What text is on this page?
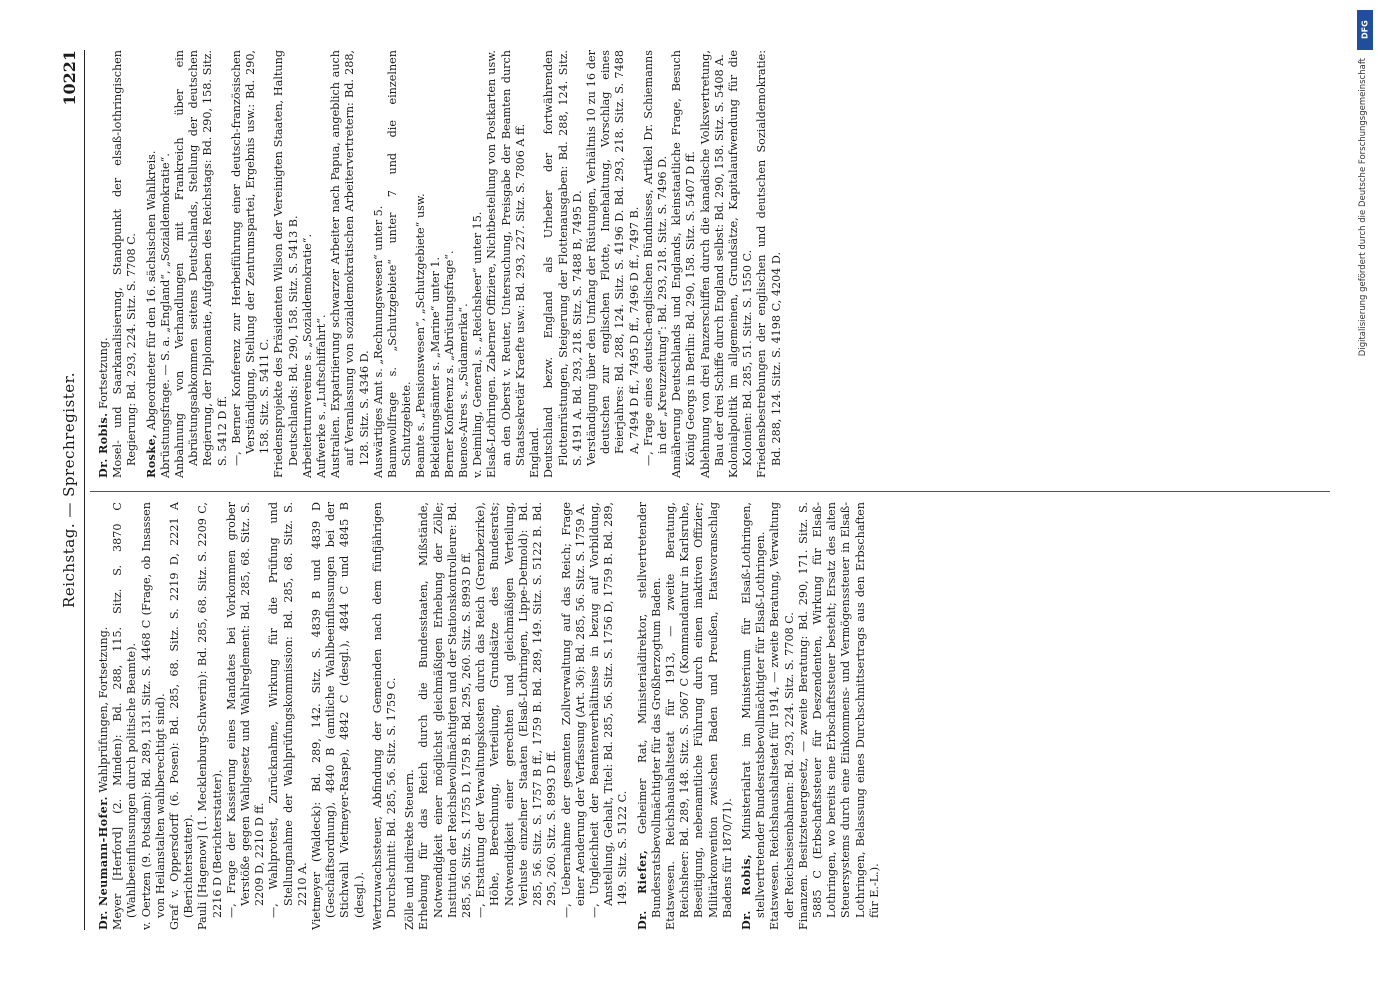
Reichstag. — Sprechregister.
10221

Dr. Neumann-Hofer. Wahlprüfungen, Fortsetzung. Meyer [Herford] (2. Minden): Bd. 288, 115. Sitz. S. 3870 C (Wahlbeeinflussungen durch politische Beamte). v. Oertzen (9. Potsdam): Bd. 289, 131. Sitz. S. 4468 C (Frage, ob Insassen von Heilanstalten wahlberechtigt sind). Graf v. Oppersdorff (6. Posen): Bd. 285, 68. Sitz. S. 2219 D, 2221 A (Berichterstatter). Pauli [Hagenow] (1. Mecklenburg-Schwerin): Bd. 285, 68. Sitz. S. 2209 C, 2216 D (Berichterstatter). —, Frage der Kassierung eines Mandates bei Vorkommen grober Verstöße gegen Wahlgesetz und Wahlreglement: Bd. 285, 68. Sitz. S. 2209 D, 2210 D ff. —, Wahlprotest, Zurücknahme, Wirkung für die Prüfung und Stellungnahme der Wahlprüfungskommission: Bd. 285, 68. Sitz. S. 2210 A. Vietmeyer (Waldeck): Bd. 289, 142. Sitz. S. 4839 B und 4839 D (Geschäftsordnung), 4840 B (amtliche Wahlbeeinflussungen bei der Stichwahl Vietmeyer-Raspe), 4842 C (desgl.), 4844 C und 4845 B (desgl.). Wertzuwachssteuer, Abfindung der Gemeinden nach dem fünfjährigen Durchschnitt: Bd. 285, 56. Sitz. S. 1759 C. Zölle und indirekte Steuern. Erhebung für das Reich durch die Bundesstaaten, Mißstände, Notwendigkeit einer möglichst gleichmäßigen Erhebung der Zölle; Institution der Reichsbevollmächtigten und der Stationskontrolleure: Bd. 285, 56. Sitz. S. 1755 D, 1759 B. Bd. 295, 260. Sitz. S. 8993 D ff. —, Erstattung der Verwaltungskosten durch das Reich (Grenzbezirke), Höhe, Berechnung, Verteilung, Grundsätze des Bundesrats; Notwendigkeit einer gerechten und gleichmäßigen Verteilung, Verluste einzelner Staaten (Elsaß-Lothringen, Lippe-Detmold): Bd. 285, 56. Sitz. S. 1757 B ff., 1759 B. Bd. 289, 149. Sitz. S. 5122 B. Bd. 295, 260. Sitz. S. 8993 D ff. —, Uebernahme der gesamten Zollverwaltung auf das Reich; Frage einer Aenderung der Verfassung (Art. 36): Bd. 285, 56. Sitz. S. 1759 A. —, Ungleichheit der Beamtenverhältnisse in bezug auf Vorbildung, Anstellung, Gehalt, Titel: Bd. 285, 56. Sitz. S. 1756 D, 1759 B. Bd. 289, 149. Sitz. S. 5122 C. Dr. Riefer, Geheimer Rat, Ministerialdirektor, stellvertretender Bundesratsbevollmächtigter für das Großherzogtum Baden. Etatswesen. Reichshaushaltsetat für 1913, — zweite Beratung, Reichsheer: Bd. 289, 148. Sitz. S. 5067 C (Kommandantur in Karlsruhe, Beseitigung, nebenamtliche Führung durch einen inaktiven Offizier; Militärkonvention zwischen Baden und Preußen, Etatsvoranschlag Badens für 1870/71). Dr. Robis, Ministerialrat im Ministerium für Elsaß-Lothringen, stellvertretender Bundesratsbevollmächtigter für Elsaß-Lothringen. Etatswesen. Reichshaushaltsetat für 1914, — zweite Beratung, Verwaltung der Reichseisenbahnen: Bd. 293, 224. Sitz. S. 7708 C. Finanzen. Besitzsteuergesetz, — zweite Beratung: Bd. 290, 171. Sitz. S. 5885 C (Erbschaftssteuer für Deszendenten, Wirkung für Elsaß-Lothringen, wo bereits eine Erbschaftssteuer besteht; Ersatz des alten Steuersystems durch eine Einkommens- und Vermögenssteuer in Elsaß-Lothringen, Belassung eines Durchschnittsertrags aus den Erbschaften für E.-L.).

Dr. Robis. Fortsetzung. Mosel- und Saarkanalisierung, Standpunkt der elsaß-lothringischen Regierung: Bd. 293, 224. Sitz. S. 7708 C. Roske, Abgeordneter für den 16. sächsischen Wahlkreis. Abrüstungsfrage. — S. a. „England“, „Sozialdemokratie“. Anbahnung von Verhandlungen mit Frankreich über ein Abrüstungsabkommen seitens Deutschlands, Stellung der deutschen Regierung, der Diplomatie, Aufgaben des Reichstags: Bd. 290, 158. Sitz. S. 5412 D ff. —, Berner Konferenz zur Herbeiführung einer deutsch-französischen Verständigung, Stellung der Zentrumspartei, Ergebnis usw.: Bd. 290, 158. Sitz. S. 5411 C. Friedensprojekte des Präsidenten Wilson der Vereinigten Staaten, Haltung Deutschlands: Bd. 290, 158. Sitz. S. 5413 B. Arbeiterturnvereine s. „Sozialdemokratie“. Aufwerke s. „Luftschiffahrt“. Australien. Expatriierung schwarzer Arbeiter nach Papua, angeblich auch auf Veranlassung von sozialdemokratischen Arbeitervertretern: Bd. 288, 128. Sitz. S. 4346 D. Auswärtiges Amt s. „Rechnungswesen“ unter 5. Baumwollfrage s. „Schutzgebiete“ unter 7 und die einzelnen Schutzgebiete. Beamte s. „Pensionswesen“, „Schutzgebiete“ usw. Bekleidungsämter s. „Marine“ unter 1. Berner Konferenz s. „Abrüstungsfrage“. Buenos-Aires s. „Südamerika“. v. Deimling, General, s. „Reichsheer“ unter 15. Elsaß-Lothringen. Zaberner Offiziere, Nichtbestellung von Postkarten usw. an den Oberst v. Reuter, Untersuchung, Preisgabe der Beamten durch Staatssekretär Kraefte usw.: Bd. 293, 227. Sitz. S. 7806 A ff. England. Deutschland bezw. England als Urheber der fortwährenden Flottenrüstungen, Steigerung der Flottenausgaben: Bd. 288, 124. Sitz. S. 4191 A. Bd. 293, 218. Sitz. S. 7488 B, 7495 D. Verständigung über den Umfang der Rüstungen, Verhältnis 10 zu 16 der deutschen zur englischen Flotte, Innehaltung, Vorschlag eines Feierjahres: Bd. 288, 124. Sitz. S. 4196 D. Bd. 293, 218. Sitz. S. 7488 A, 7494 D ff., 7495 D ff., 7496 D ff., 7497 B. —, Frage eines deutsch-englischen Bündnisses, Artikel Dr. Schiemanns in der „Kreuzzeitung“: Bd. 293, 218. Sitz. S. 7496 D. Annäherung Deutschlands und Englands, kleinstaatliche Frage, Besuch König Georgs in Berlin: Bd. 290, 158. Sitz. S. 5407 D ff. Ablehnung von drei Panzerschiffen durch die kanadische Volksvertretung, Bau der drei Schiffe durch England selbst: Bd. 290, 158. Sitz. S. 5408 A. Kolonialpolitik im allgemeinen, Grundsätze, Kapitalaufwendung für die Kolonien: Bd. 285, 51. Sitz. S. 1550 C. Friedensbestrebungen der englischen und deutschen Sozialdemokratie: Bd. 288, 124. Sitz. S. 4198 C, 4204 D.

DFG
Digitalisierung gefördert durch die Deutsche Forschungsgemeinschaft
